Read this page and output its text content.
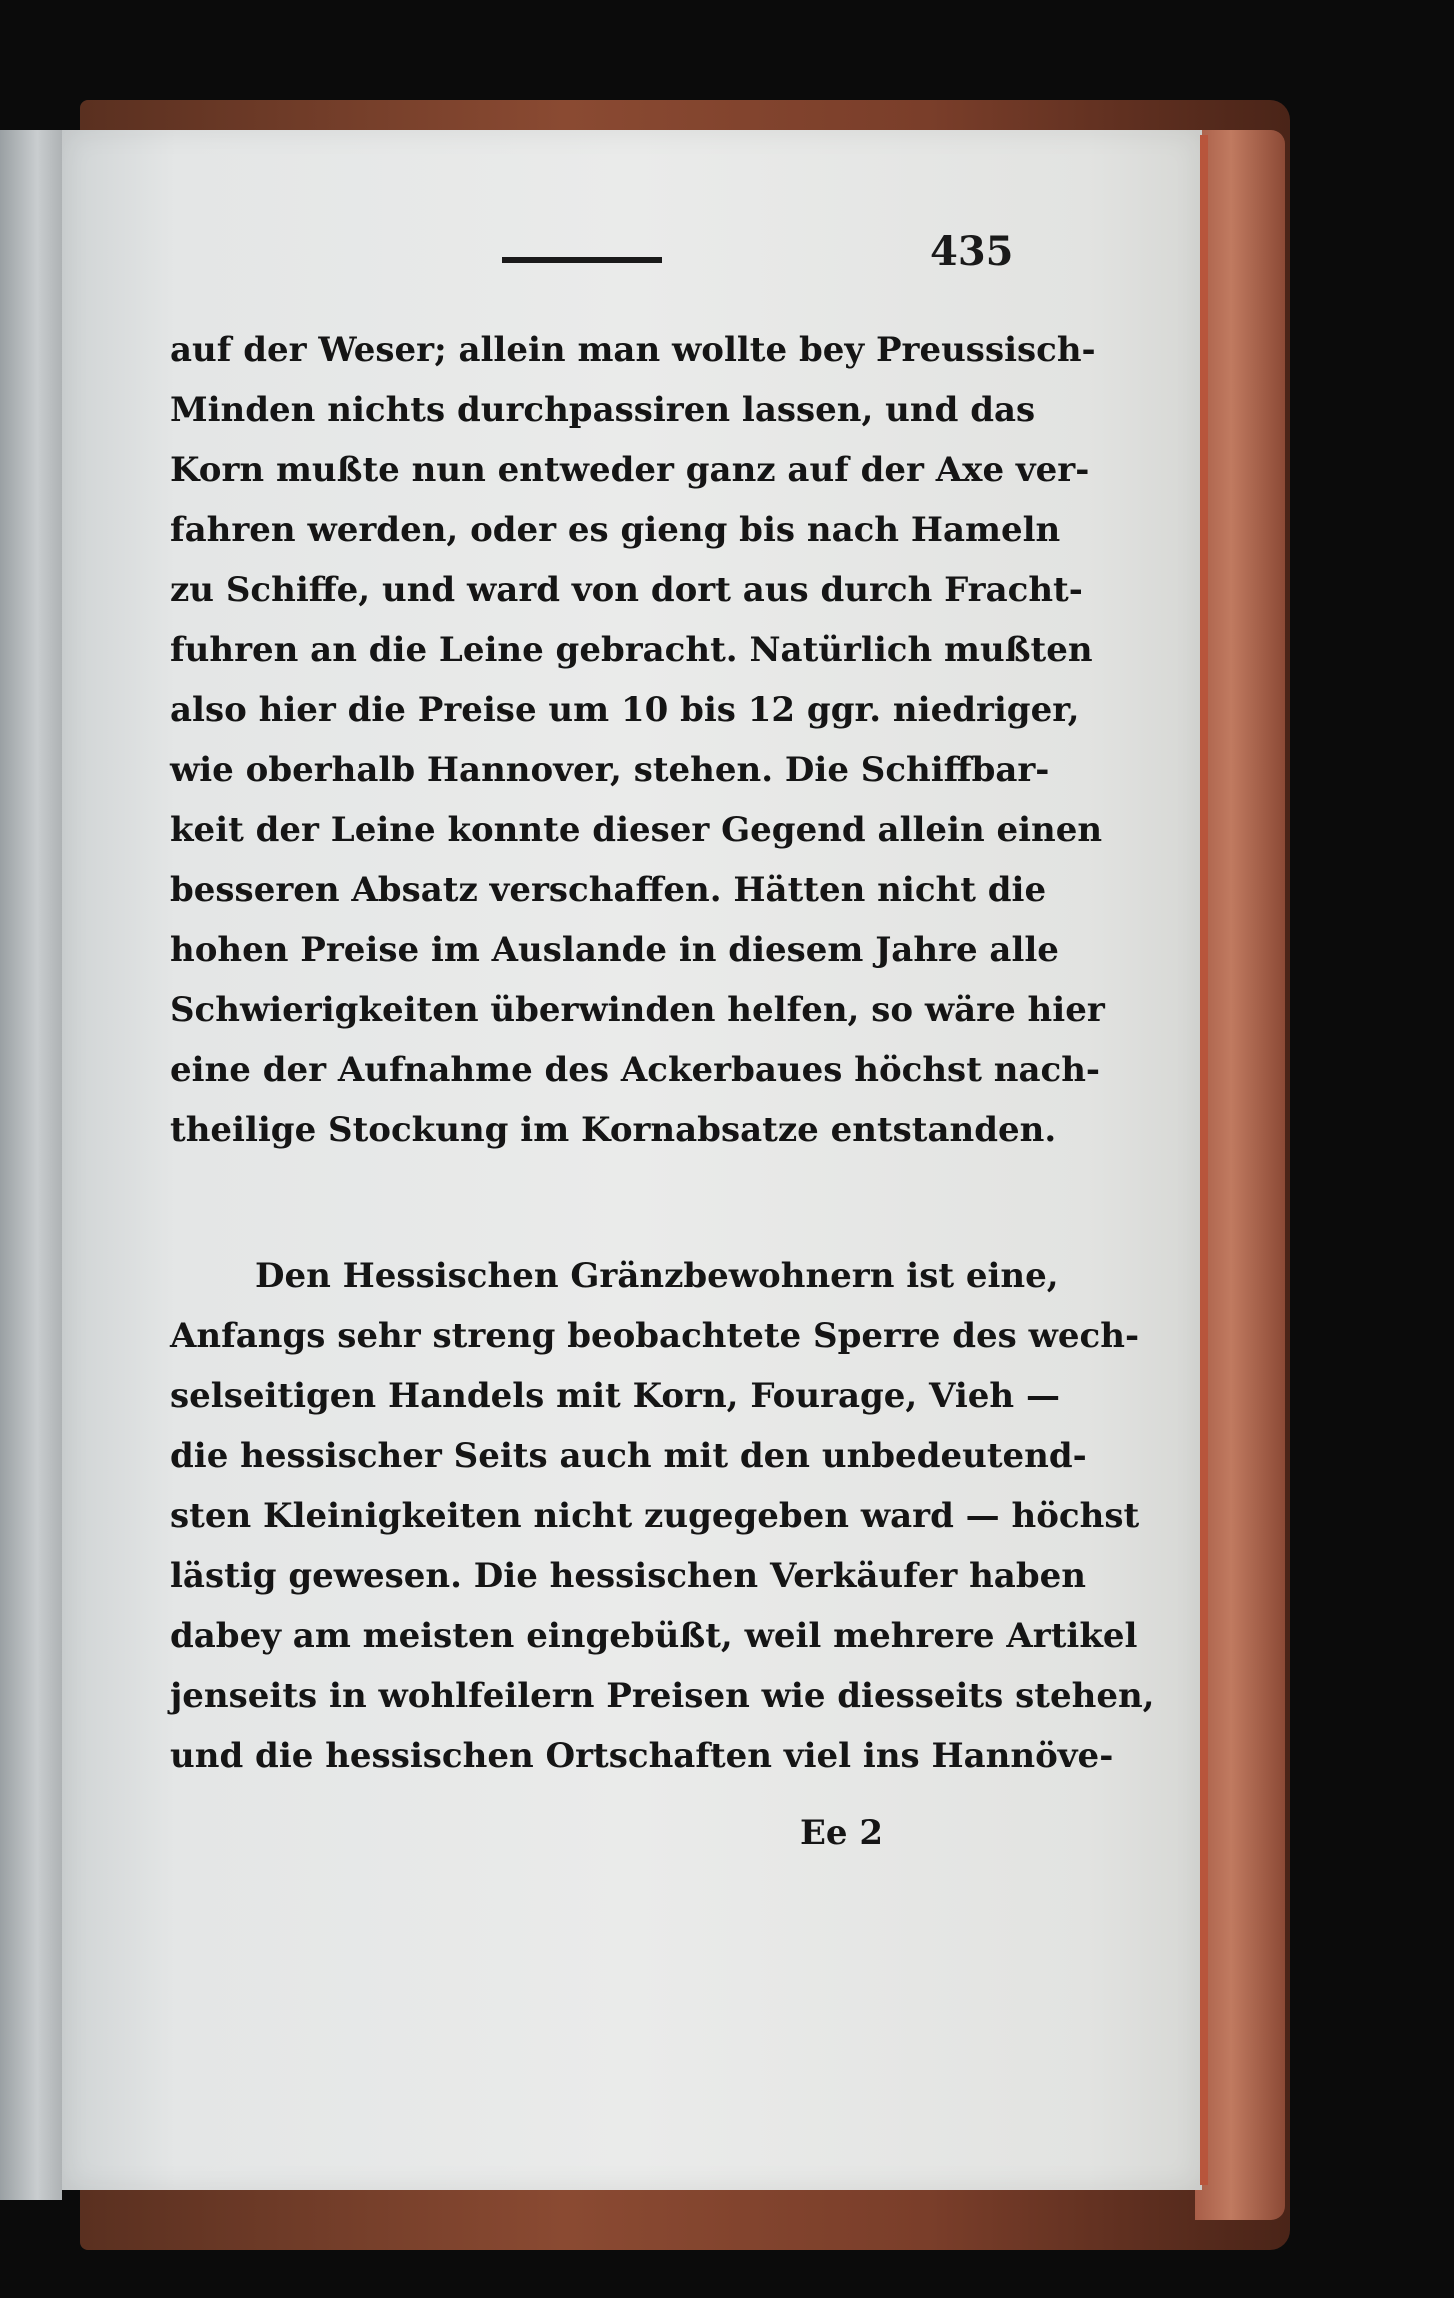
435
auf der Weser; allein man wollte bey Preussisch-
Minden nichts durchpassiren lassen, und das
Korn mußte nun entweder ganz auf der Axe ver-
fahren werden, oder es gieng bis nach Hameln
zu Schiffe, und ward von dort aus durch Fracht-
fuhren an die Leine gebracht. Natürlich mußten
also hier die Preise um 10 bis 12 ggr. niedriger,
wie oberhalb Hannover, stehen. Die Schiffbar-
keit der Leine konnte dieser Gegend allein einen
besseren Absatz verschaffen. Hätten nicht die
hohen Preise im Auslande in diesem Jahre alle
Schwierigkeiten überwinden helfen, so wäre hier
eine der Aufnahme des Ackerbaues höchst nach-
theilige Stockung im Kornabsatze entstanden.
Den Hessischen Gränzbewohnern ist eine,
Anfangs sehr streng beobachtete Sperre des wech-
selseitigen Handels mit Korn, Fourage, Vieh —
die hessischer Seits auch mit den unbedeutend-
sten Kleinigkeiten nicht zugegeben ward — höchst
lästig gewesen. Die hessischen Verkäufer haben
dabey am meisten eingebüßt, weil mehrere Artikel
jenseits in wohlfeilern Preisen wie diesseits stehen,
und die hessischen Ortschaften viel ins Hannöve-
Ee 2
